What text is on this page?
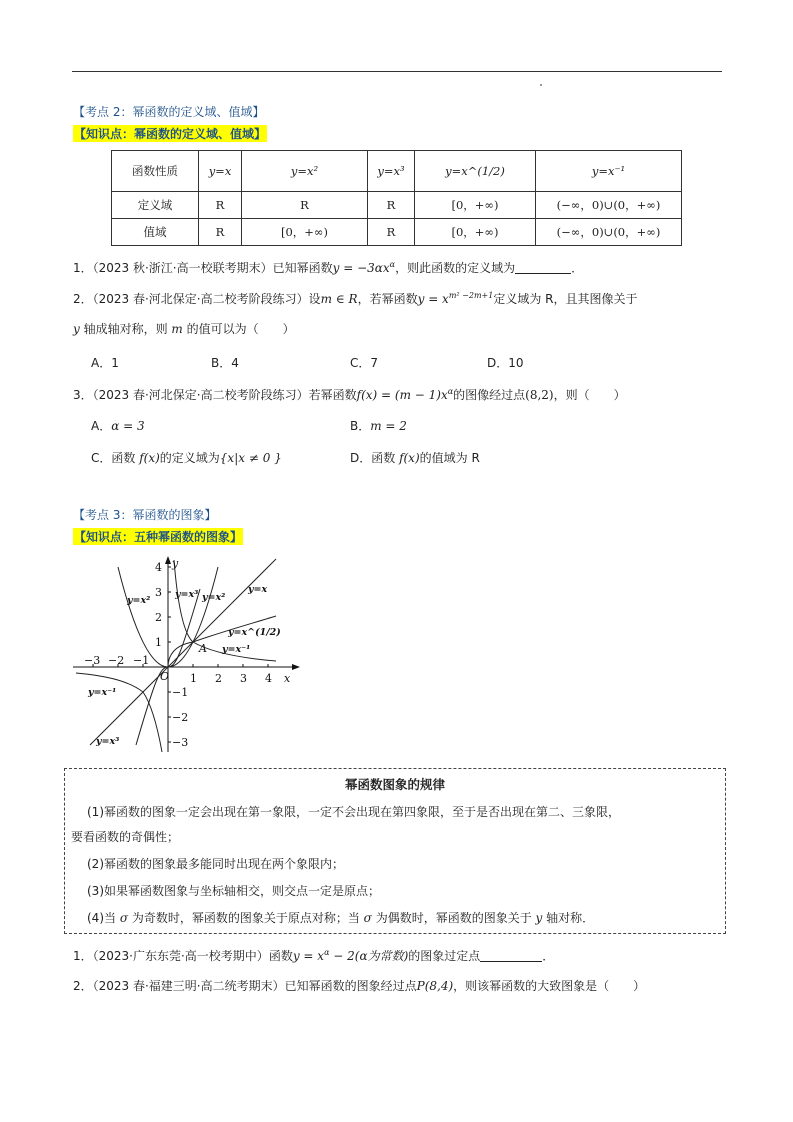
【考点 2：幂函数的定义域、值域】
【知识点：幂函数的定义域、值域】
函数性质	y=x	y=x²	y=x³	y=x^(1/2)	y=x⁻¹
定义域	R	R	R	[0，+∞)	(−∞，0)∪(0，+∞)
值域	R	[0，+∞)	R	[0，+∞)	(−∞，0)∪(0，+∞)
1．（2023 秋·浙江·高一校联考期末）已知幂函数$y = -3\alpha x^\alpha$，则此函数的定义域为	．
2．（2023 春·河北保定·高二校考阶段练习）设m ∈ R，若幂函数$y = x^{m^2 -2m+1}$定义域为 R，且其图像关于
y 轴成轴对称，则 m 的值可以为（　　）
A．1	B．4	C．7	D．10
3．（2023 春·河北保定·高二校考阶段练习）若幂函数$f(x) = (m - 1)x^\alpha$的图像经过点(8,2)，则（　　）
A．α = 3	B．m = 2
C．函数 f(x)的定义域为{x|x ≠ 0 }	D．函数 f(x)的值域为 R
【考点 3：幂函数的图象】
【知识点：五种幂函数的图象】
−3 −2 −1
1 2 3 4
4
3
2
1
−1
−2
−3
O	x
y
A
y=x²
y=x³ y=x²
y=x
y=x^(1/2)
y=x⁻¹
y=x⁻¹
y=x³
幂函数图象的规律
(1)幂函数的图象一定会出现在第一象限，一定不会出现在第四象限，至于是否出现在第二、三象限，
要看函数的奇偶性；
(2)幂函数的图象最多能同时出现在两个象限内；
(3)如果幂函数图象与坐标轴相交，则交点一定是原点；
(4)当 σ 为奇数时，幂函数的图象关于原点对称；当 σ 为偶数时，幂函数的图象关于 y 轴对称．
1．（2023·广东东莞·高一校考期中）函数$y = x^\alpha - 2(\alpha$为常数)的图象过定点	．
2．（2023 春·福建三明·高二统考期末）已知幂函数的图象经过点P(8,4)，则该幂函数的大致图象是（　　）
